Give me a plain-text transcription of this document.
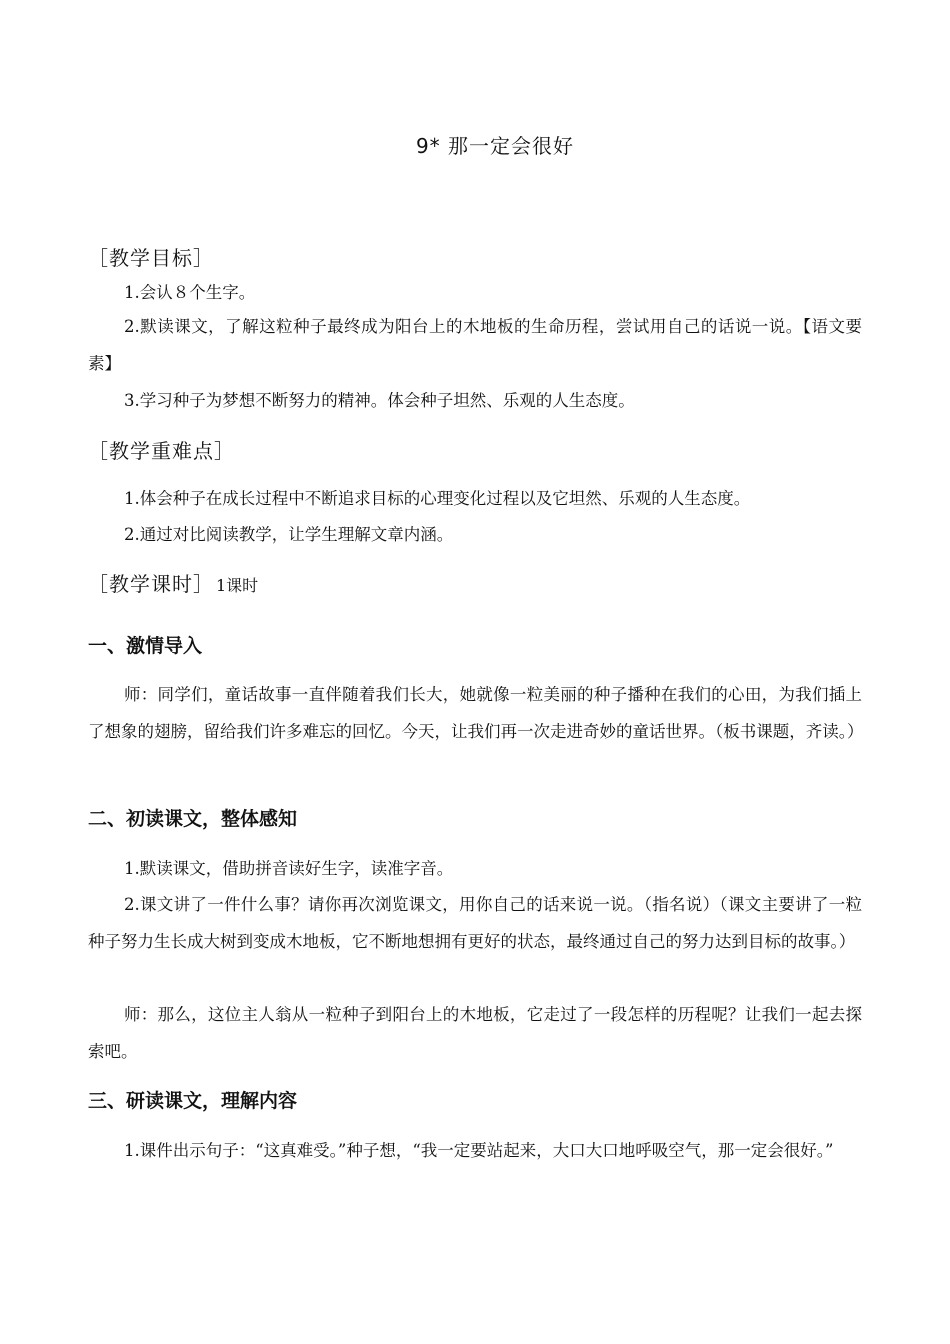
9* 那一定会很好
［教学目标］

1.会认８个生字。

2.默读课文，了解这粒种子最终成为阳台上的木地板的生命历程，尝试用自己的话说一说。【语文要素】

3.学习种子为梦想不断努力的精神。体会种子坦然、乐观的人生态度。

［教学重难点］

1.体会种子在成长过程中不断追求目标的心理变化过程以及它坦然、乐观的人生态度。

2.通过对比阅读教学，让学生理解文章内涵。

［教学课时］ 1课时
一、激情导入

师：同学们，童话故事一直伴随着我们长大，她就像一粒美丽的种子播种在我们的心田，为我们插上了想象的翅膀，留给我们许多难忘的回忆。今天，让我们再一次走进奇妙的童话世界。（板书课题，齐读。）

二、初读课文，整体感知

1.默读课文，借助拼音读好生字，读准字音。

2.课文讲了一件什么事？请你再次浏览课文，用你自己的话来说一说。（指名说）（课文主要讲了一粒种子努力生长成大树到变成木地板，它不断地想拥有更好的状态，最终通过自己的努力达到目标的故事。）

师：那么，这位主人翁从一粒种子到阳台上的木地板，它走过了一段怎样的历程呢？让我们一起去探索吧。

三、研读课文，理解内容

1.课件出示句子：“这真难受。”种子想，“我一定要站起来，大口大口地呼吸空气，那一定会很好。”
